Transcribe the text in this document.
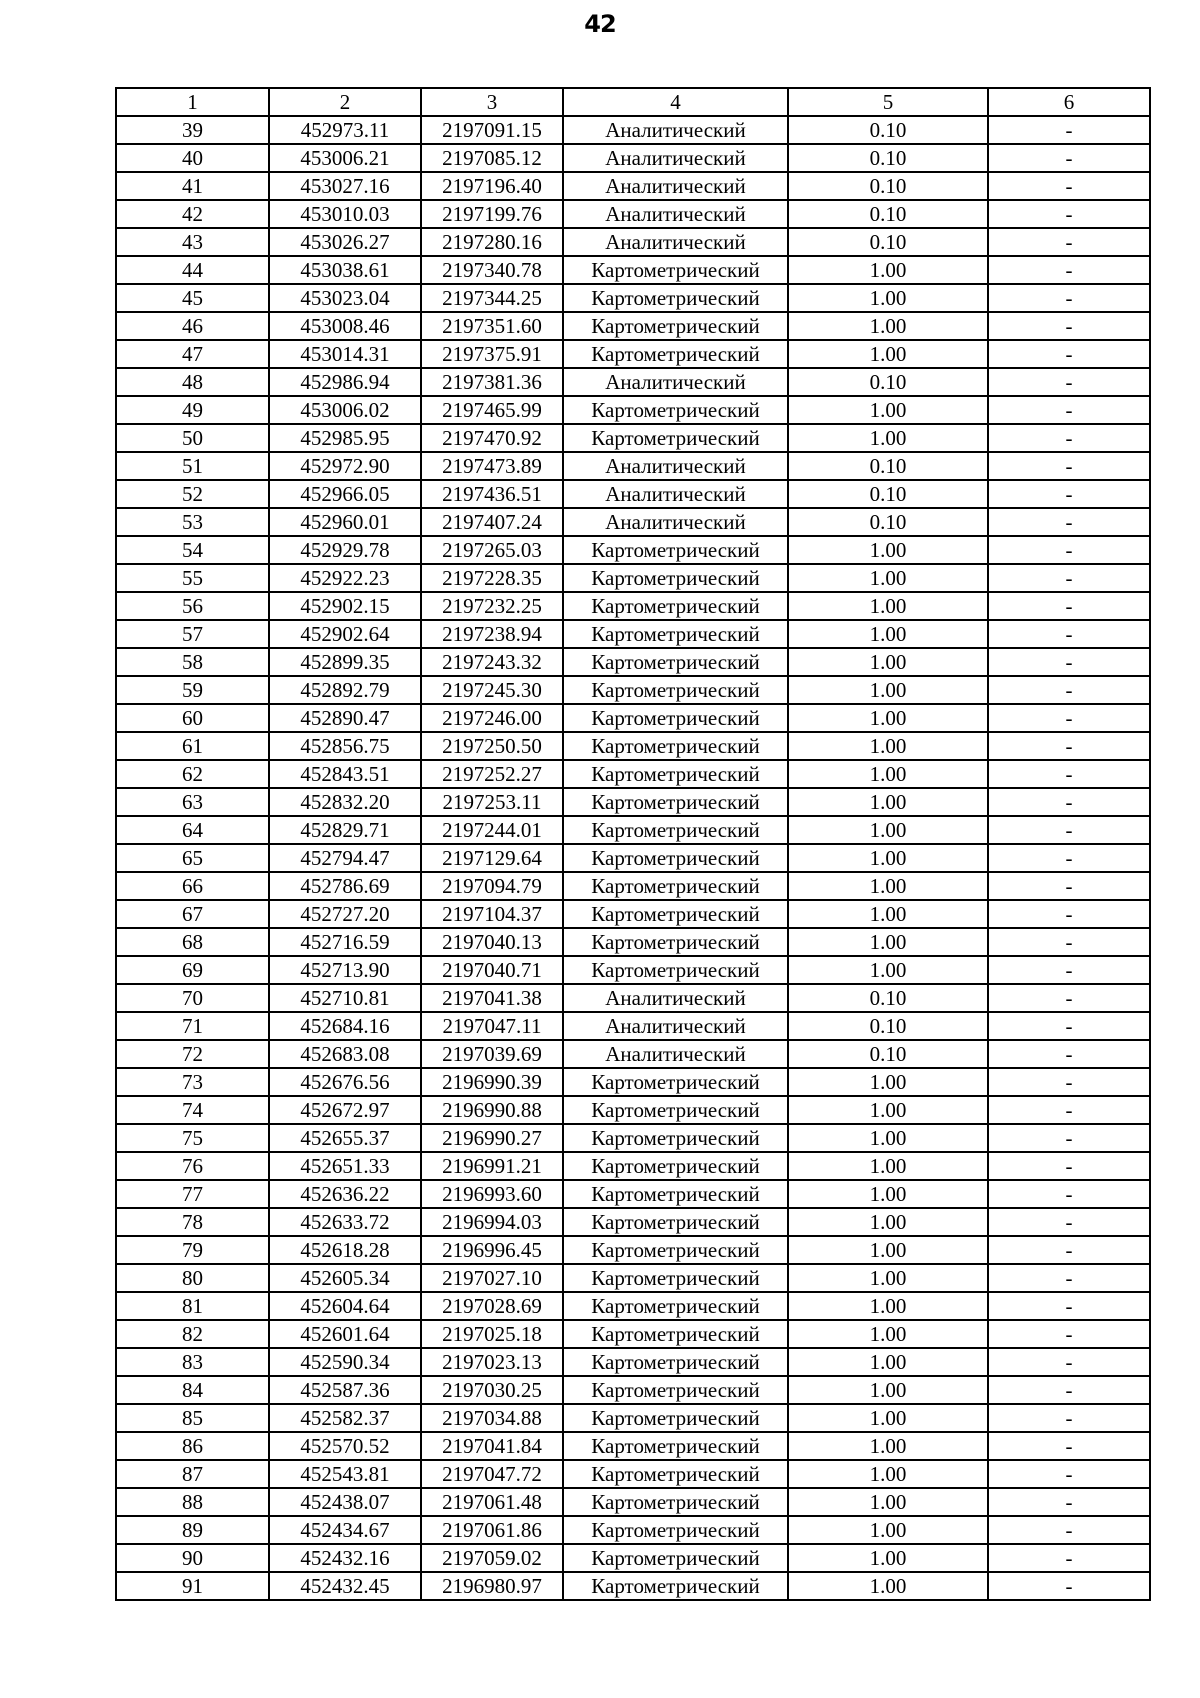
42
1	2	3	4	5	6
39	452973.11	2197091.15	Аналитический	0.10	-
40	453006.21	2197085.12	Аналитический	0.10	-
41	453027.16	2197196.40	Аналитический	0.10	-
42	453010.03	2197199.76	Аналитический	0.10	-
43	453026.27	2197280.16	Аналитический	0.10	-
44	453038.61	2197340.78	Картометрический	1.00	-
45	453023.04	2197344.25	Картометрический	1.00	-
46	453008.46	2197351.60	Картометрический	1.00	-
47	453014.31	2197375.91	Картометрический	1.00	-
48	452986.94	2197381.36	Аналитический	0.10	-
49	453006.02	2197465.99	Картометрический	1.00	-
50	452985.95	2197470.92	Картометрический	1.00	-
51	452972.90	2197473.89	Аналитический	0.10	-
52	452966.05	2197436.51	Аналитический	0.10	-
53	452960.01	2197407.24	Аналитический	0.10	-
54	452929.78	2197265.03	Картометрический	1.00	-
55	452922.23	2197228.35	Картометрический	1.00	-
56	452902.15	2197232.25	Картометрический	1.00	-
57	452902.64	2197238.94	Картометрический	1.00	-
58	452899.35	2197243.32	Картометрический	1.00	-
59	452892.79	2197245.30	Картометрический	1.00	-
60	452890.47	2197246.00	Картометрический	1.00	-
61	452856.75	2197250.50	Картометрический	1.00	-
62	452843.51	2197252.27	Картометрический	1.00	-
63	452832.20	2197253.11	Картометрический	1.00	-
64	452829.71	2197244.01	Картометрический	1.00	-
65	452794.47	2197129.64	Картометрический	1.00	-
66	452786.69	2197094.79	Картометрический	1.00	-
67	452727.20	2197104.37	Картометрический	1.00	-
68	452716.59	2197040.13	Картометрический	1.00	-
69	452713.90	2197040.71	Картометрический	1.00	-
70	452710.81	2197041.38	Аналитический	0.10	-
71	452684.16	2197047.11	Аналитический	0.10	-
72	452683.08	2197039.69	Аналитический	0.10	-
73	452676.56	2196990.39	Картометрический	1.00	-
74	452672.97	2196990.88	Картометрический	1.00	-
75	452655.37	2196990.27	Картометрический	1.00	-
76	452651.33	2196991.21	Картометрический	1.00	-
77	452636.22	2196993.60	Картометрический	1.00	-
78	452633.72	2196994.03	Картометрический	1.00	-
79	452618.28	2196996.45	Картометрический	1.00	-
80	452605.34	2197027.10	Картометрический	1.00	-
81	452604.64	2197028.69	Картометрический	1.00	-
82	452601.64	2197025.18	Картометрический	1.00	-
83	452590.34	2197023.13	Картометрический	1.00	-
84	452587.36	2197030.25	Картометрический	1.00	-
85	452582.37	2197034.88	Картометрический	1.00	-
86	452570.52	2197041.84	Картометрический	1.00	-
87	452543.81	2197047.72	Картометрический	1.00	-
88	452438.07	2197061.48	Картометрический	1.00	-
89	452434.67	2197061.86	Картометрический	1.00	-
90	452432.16	2197059.02	Картометрический	1.00	-
91	452432.45	2196980.97	Картометрический	1.00	-
